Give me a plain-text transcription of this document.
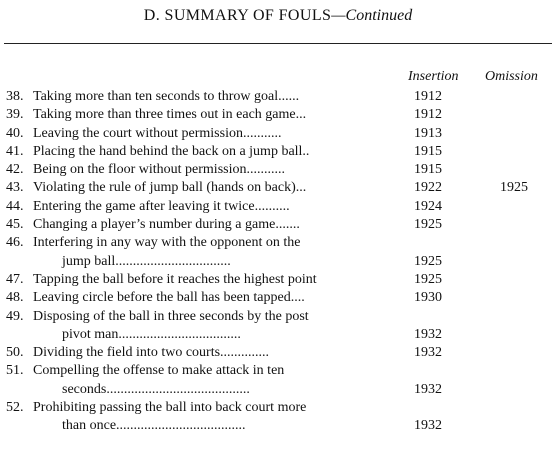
D. SUMMARY OF FOULS—Continued
Insertion Omission
38. Taking more than ten seconds to throw goal......	1912
39. Taking more than three times out in each game...	1912
40. Leaving the court without permission...........	1913
41. Placing the hand behind the back on a jump ball..	1915
42. Being on the floor without permission...........	1915
43. Violating the rule of jump ball (hands on back)...	1922	1925
44. Entering the game after leaving it twice..........	1924
45. Changing a player’s number during a game.......	1925
46. Interfering in any way with the opponent on the
jump ball.................................	1925
47. Tapping the ball before it reaches the highest point	1925
48. Leaving circle before the ball has been tapped....	1930
49. Disposing of the ball in three seconds by the post
pivot man...................................	1932
50. Dividing the field into two courts..............	1932
51. Compelling the offense to make attack in ten
seconds.........................................	1932
52. Prohibiting passing the ball into back court more
than once.....................................	1932
